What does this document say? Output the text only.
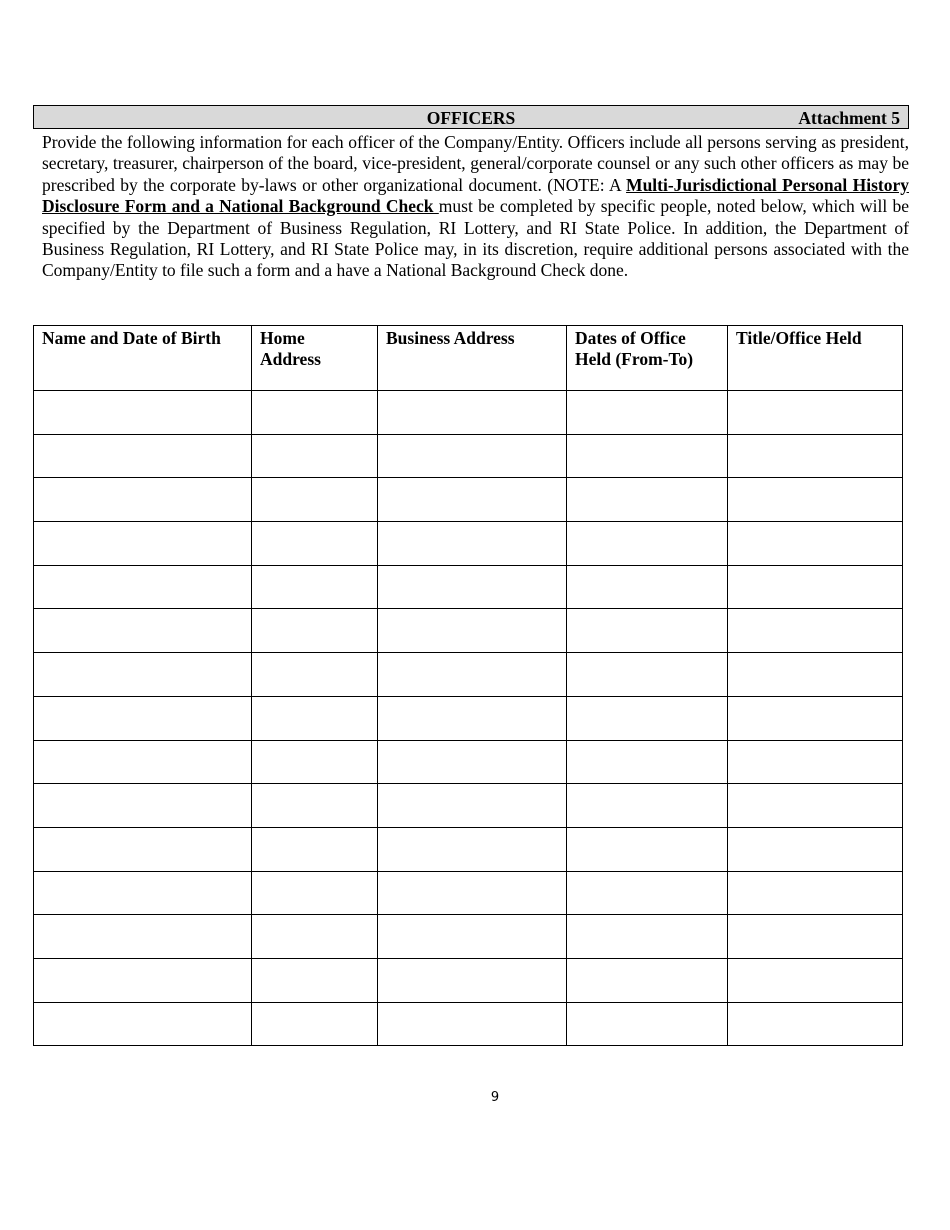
OFFICERS	Attachment 5

Provide the following information for each officer of the Company/Entity. Officers include all persons serving as president, secretary, treasurer, chairperson of the board, vice-president, general/corporate counsel or any such other officers as may be prescribed by the corporate by-laws or other organizational document. (NOTE: A Multi-Jurisdictional Personal History Disclosure Form and a National Background Check must be completed by specific people, noted below, which will be specified by the Department of Business Regulation, RI Lottery, and RI State Police. In addition, the Department of Business Regulation, RI Lottery, and RI State Police may, in its discretion, require additional persons associated with the Company/Entity to file such a form and a have a National Background Check done.

Name and Date of Birth	Home Address	Business Address	Dates of Office Held (From-To)	Title/Office Held

9
